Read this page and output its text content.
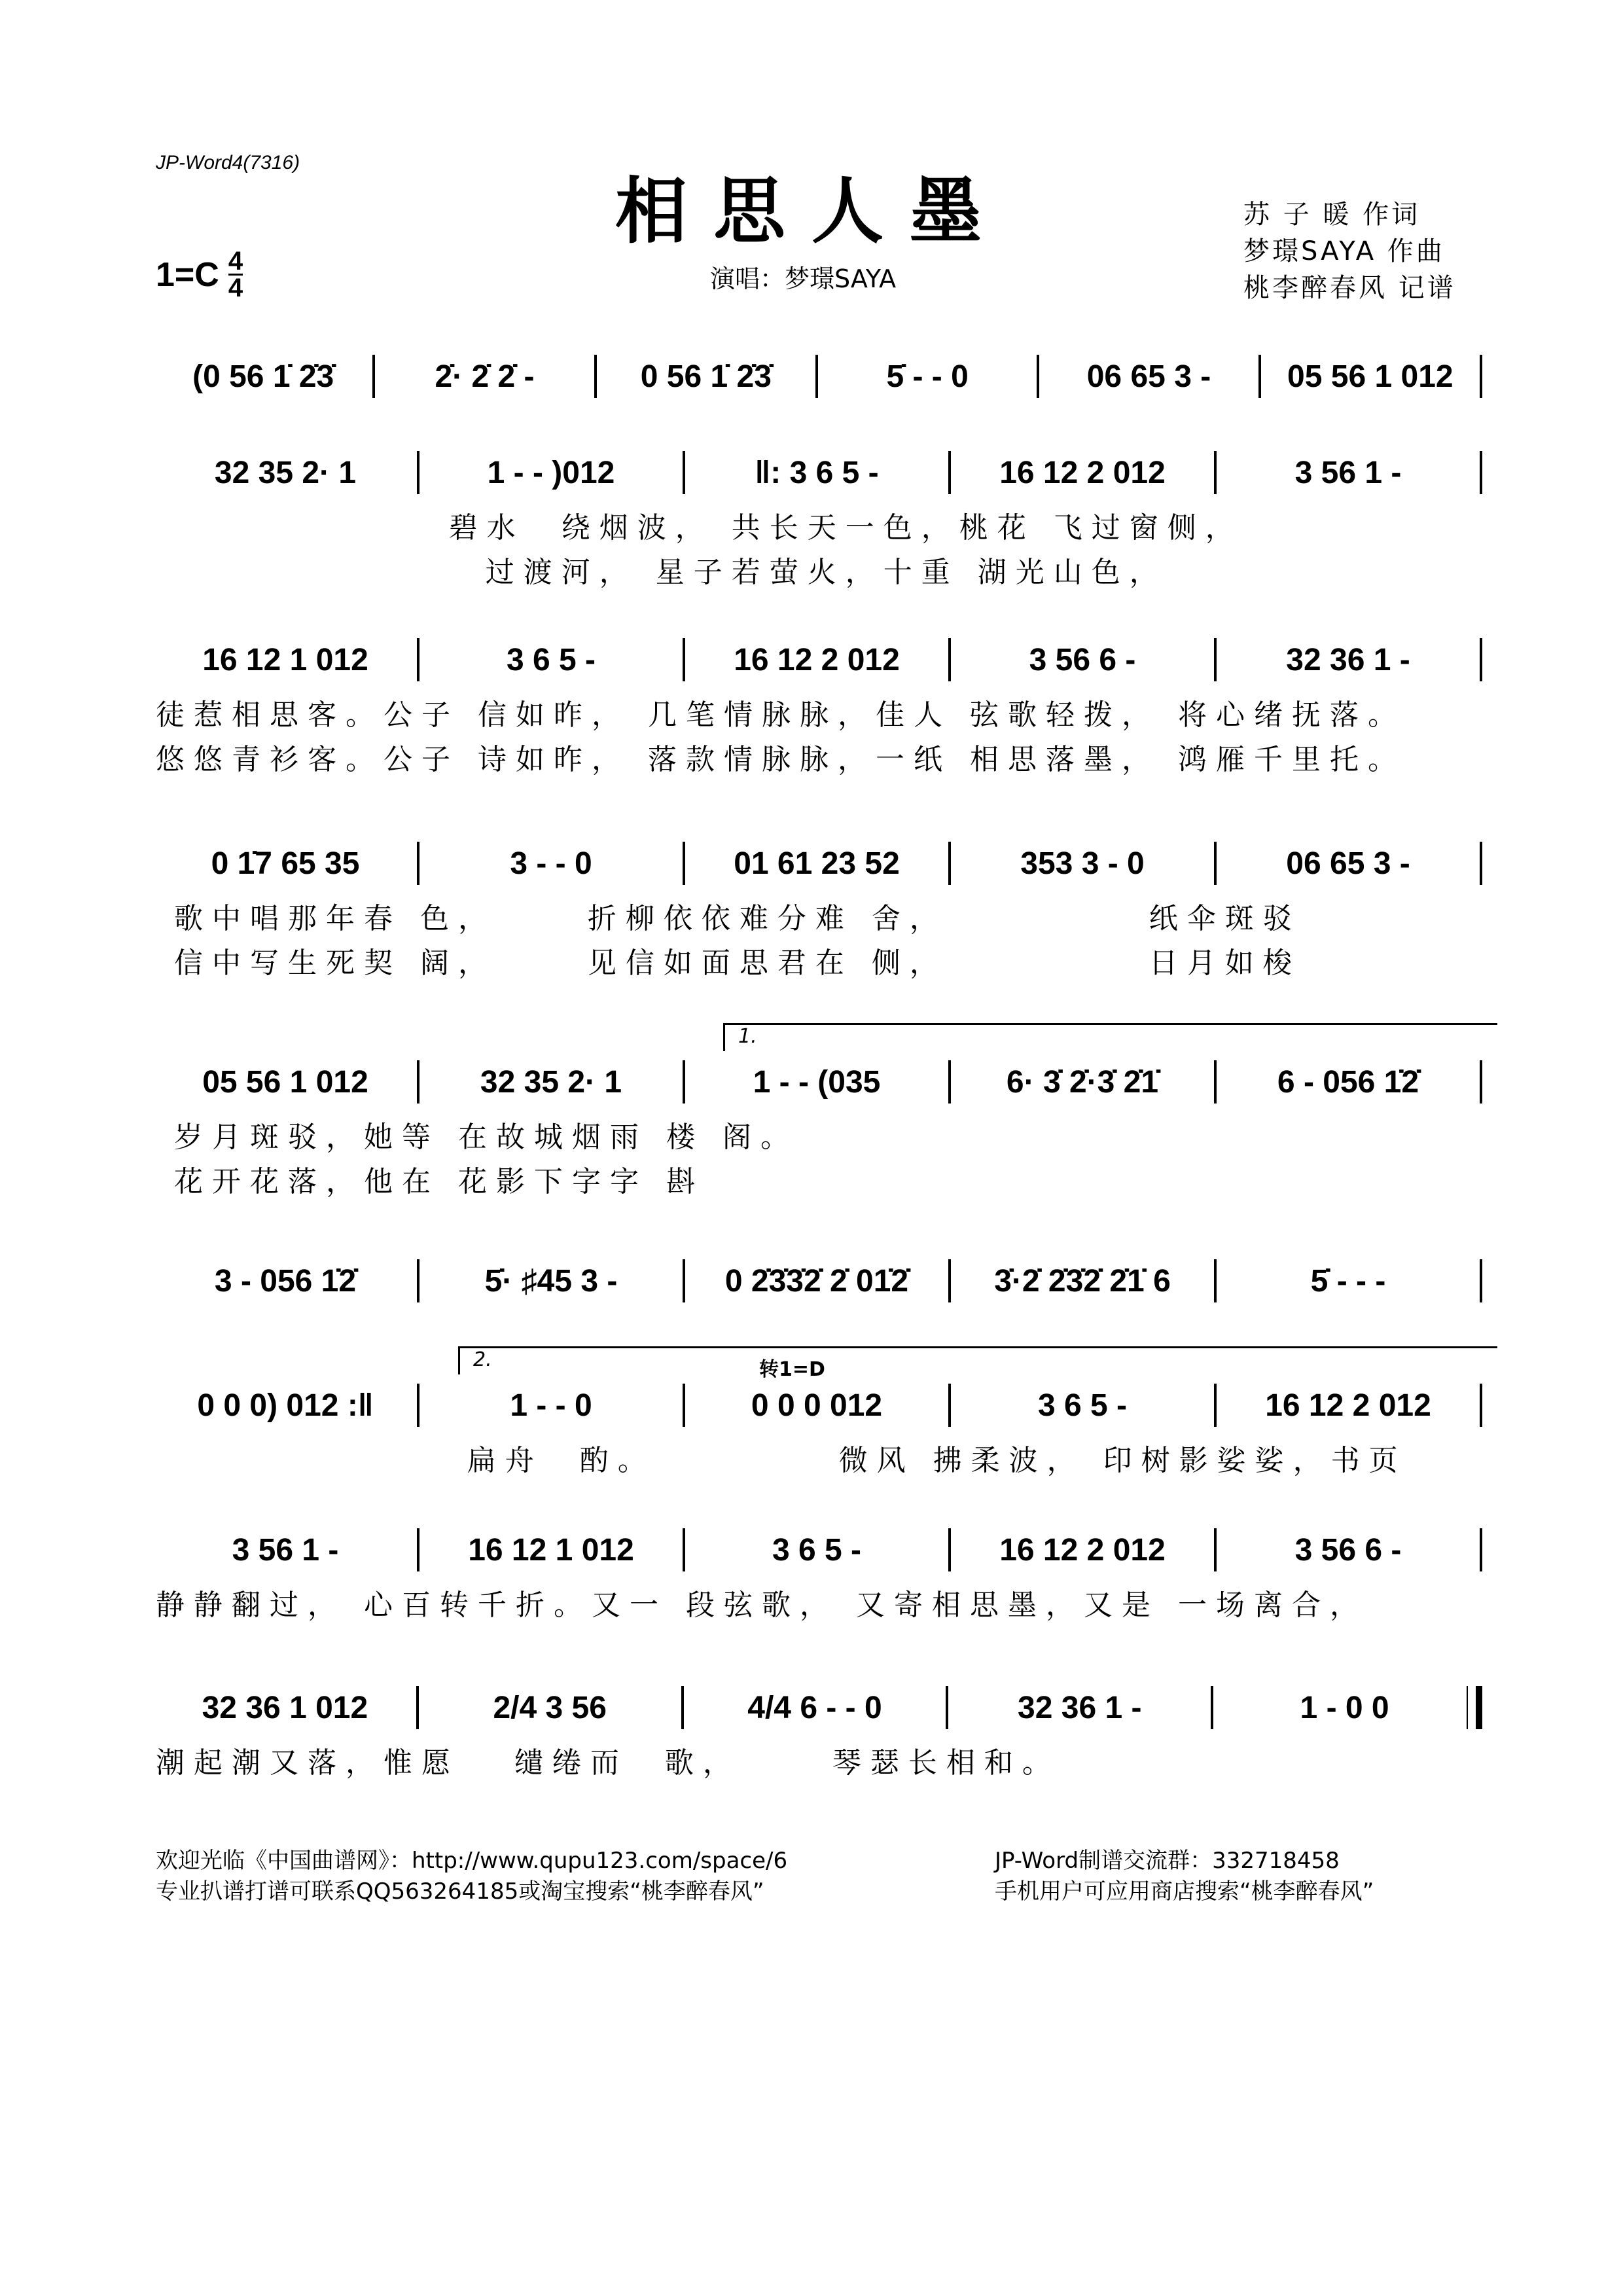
JP-Word4(7316)
相思人墨
$1=C \frac{4}{4}$	演唱：梦璟SAYA
苏 子 暖 作词
梦璟SAYA 作曲
桃李醉春风 记谱
(0 56 1̇ 2̇3̇	2̇· 2̇ 2̇ -	0 56 1̇ 2̇3̇	5̇ - - 0	06 65 3 -	05 56 1 012
32 35 2· 1	1 - - )012	‖: 3 6 5 -	16 12 2 012	3 56 1 -
碧水  绕烟波， 共长天一色，桃花 飞过窗侧，
过渡河， 星子若萤火，十重 湖光山色，
16 12 1 012	3 6 5 -	16 12 2 012	3 56 6 -	32 36 1 -
徒惹相思客。公子 信如昨， 几笔情脉脉，佳人 弦歌轻拨， 将心绪抚落。
悠悠青衫客。公子 诗如昨， 落款情脉脉，一纸 相思落墨， 鸿雁千里托。
0 1̇7 65 35	3 - - 0	01 61 23 52	353 3 - 0	06 65 3 -
歌中唱那年春 色，     折柳依依难分难 舍，           纸伞斑驳
信中写生死契 阔，     见信如面思君在 侧，           日月如梭
05 56 1 012	32 35 2· 1	1 - - (035	6· 3̇ 2̇·3̇ 2̇1̇	6 - 056 1̇2̇
岁月斑驳，她等 在故城烟雨 楼 阁。
花开花落，他在 花影下字字 斟
1.
3 - 056 1̇2̇	5̇· ♯45 3 -	0 2̇3̇3̇2̇ 2̇ 01̇2̇	3̇·2̇ 2̇3̇2̇ 2̇1̇ 6	5̇ - - -
0 0 0) 012 :‖	1 - - 0	0 0 0 012	3 6 5 -	16 12 2 012
扁舟  酌。          微风 拂柔波， 印树影娑娑，书页
2.	转1=D
3 56 1 -	16 12 1 012	3 6 5 -	16 12 2 012	3 56 6 -
静静翻过， 心百转千折。又一 段弦歌， 又寄相思墨，又是 一场离合，
32 36 1 012	2/4 3 56	4/4 6 - - 0	32 36 1 -	1 - 0 0
潮起潮又落，惟愿   缱绻而  歌，     琴瑟长相和。
欢迎光临《中国曲谱网》：http://www.qupu123.com/space/6
专业扒谱打谱可联系QQ563264185或淘宝搜索“桃李醉春风”
JP-Word制谱交流群：332718458
手机用户可应用商店搜索“桃李醉春风”
